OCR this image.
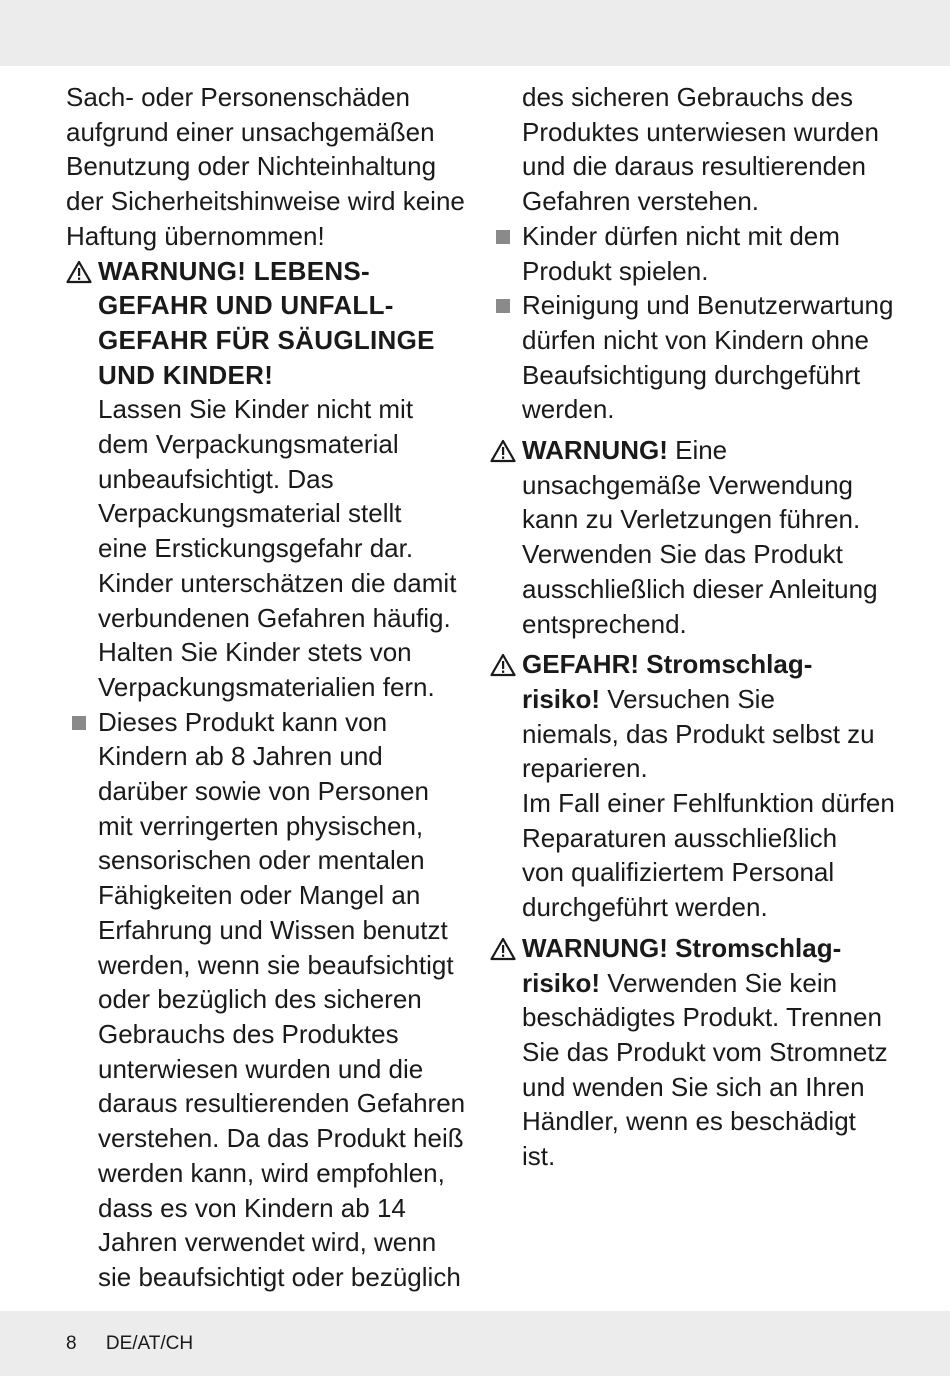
Sach- oder Personenschäden
aufgrund einer unsachgemäßen
Benutzung oder Nichteinhaltung
der Sicherheitshinweise wird keine
Haftung übernommen!
WARNUNG! LEBENS-
GEFAHR UND UNFALL-
GEFAHR FÜR SÄUGLINGE
UND KINDER!
Lassen Sie Kinder nicht mit
dem Verpackungsmaterial
unbeaufsichtigt. Das
Verpackungsmaterial stellt
eine Erstickungsgefahr dar.
Kinder unterschätzen die damit
verbundenen Gefahren häufig.
Halten Sie Kinder stets von
Verpackungsmaterialien fern.
Dieses Produkt kann von
Kindern ab 8 Jahren und
darüber sowie von Personen
mit verringerten physischen,
sensorischen oder mentalen
Fähigkeiten oder Mangel an
Erfahrung und Wissen benutzt
werden, wenn sie beaufsichtigt
oder bezüglich des sicheren
Gebrauchs des Produktes
unterwiesen wurden und die
daraus resultierenden Gefahren
verstehen. Da das Produkt heiß
werden kann, wird empfohlen,
dass es von Kindern ab 14
Jahren verwendet wird, wenn
sie beaufsichtigt oder bezüglich
des sicheren Gebrauchs des
Produktes unterwiesen wurden
und die daraus resultierenden
Gefahren verstehen.
Kinder dürfen nicht mit dem
Produkt spielen.
Reinigung und Benutzerwartung
dürfen nicht von Kindern ohne
Beaufsichtigung durchgeführt
werden.
WARNUNG! Eine
unsachgemäße Verwendung
kann zu Verletzungen führen.
Verwenden Sie das Produkt
ausschließlich dieser Anleitung
entsprechend.
GEFAHR! Stromschlag-
risiko! Versuchen Sie
niemals, das Produkt selbst zu
reparieren.
Im Fall einer Fehlfunktion dürfen
Reparaturen ausschließlich
von qualifiziertem Personal
durchgeführt werden.
WARNUNG! Stromschlag-
risiko! Verwenden Sie kein
beschädigtes Produkt. Trennen
Sie das Produkt vom Stromnetz
und wenden Sie sich an Ihren
Händler, wenn es beschädigt
ist.
8 DE/AT/CH
